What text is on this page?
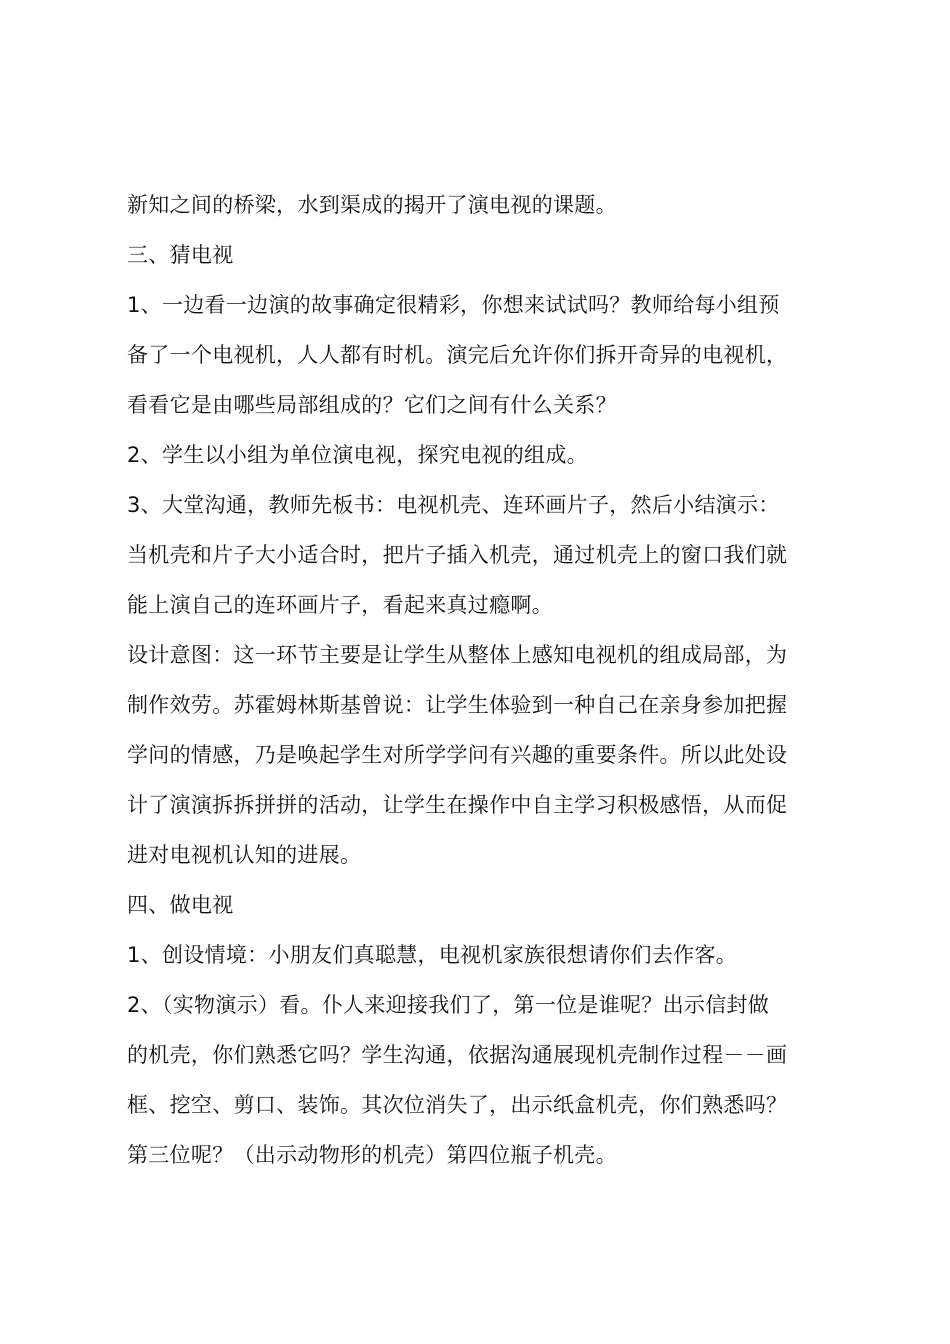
新知之间的桥梁，水到渠成的揭开了演电视的课题。
三、猜电视
1、一边看一边演的故事确定很精彩，你想来试试吗？教师给每小组预
备了一个电视机，人人都有时机。演完后允许你们拆开奇异的电视机，
看看它是由哪些局部组成的？它们之间有什么关系？
2、学生以小组为单位演电视，探究电视的组成。
3、大堂沟通，教师先板书：电视机壳、连环画片子，然后小结演示：
当机壳和片子大小适合时，把片子插入机壳，通过机壳上的窗口我们就
能上演自己的连环画片子，看起来真过瘾啊。
设计意图：这一环节主要是让学生从整体上感知电视机的组成局部，为
制作效劳。苏霍姆林斯基曾说：让学生体验到一种自己在亲身参加把握
学问的情感，乃是唤起学生对所学学问有兴趣的重要条件。所以此处设
计了演演拆拆拼拼的活动，让学生在操作中自主学习积极感悟，从而促
进对电视机认知的进展。
四、做电视
1、创设情境：小朋友们真聪慧，电视机家族很想请你们去作客。
2、（实物演示）看。仆人来迎接我们了，第一位是谁呢？出示信封做
的机壳，你们熟悉它吗？学生沟通，依据沟通展现机壳制作过程－－画
框、挖空、剪口、装饰。其次位消失了，出示纸盒机壳，你们熟悉吗？
第三位呢？（出示动物形的机壳）第四位瓶子机壳。
